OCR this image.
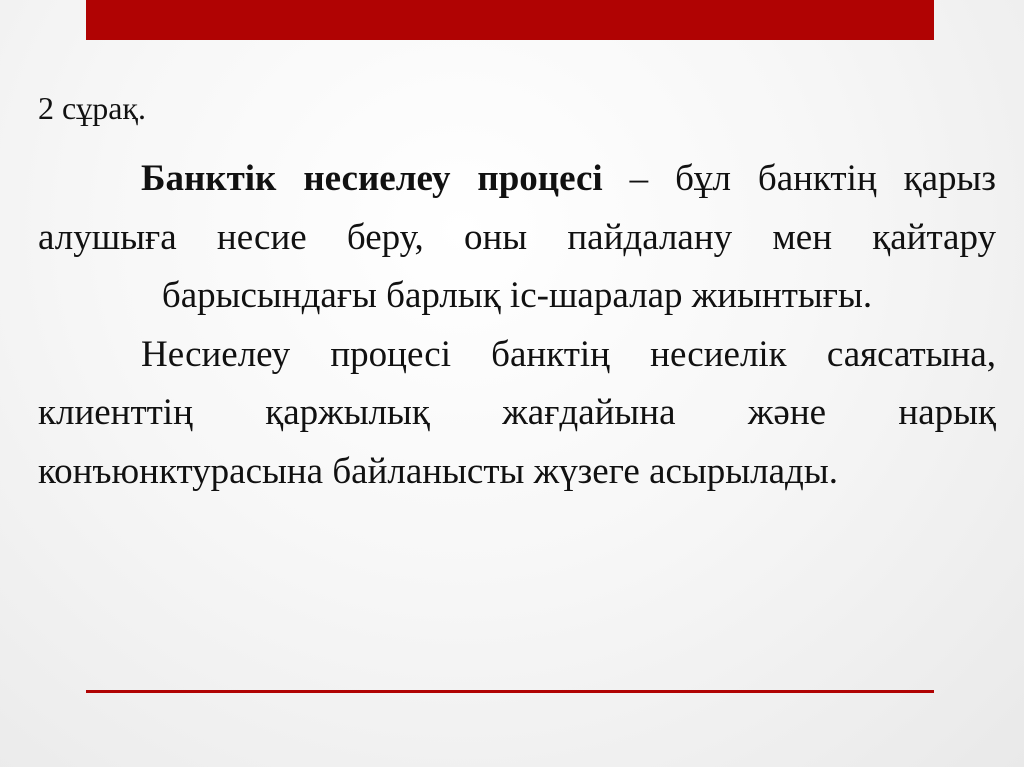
2 сұрақ.

Банктік несиелеу процесі – бұл банктің қарыз алушыға несие беру, оны пайдалану мен қайтару барысындағы барлық іс-шаралар жиынтығы.

Несиелеу процесі банктің несиелік саясатына, клиенттің қаржылық жағдайына және нарық конъюнктурасына байланысты жүзеге асырылады.
